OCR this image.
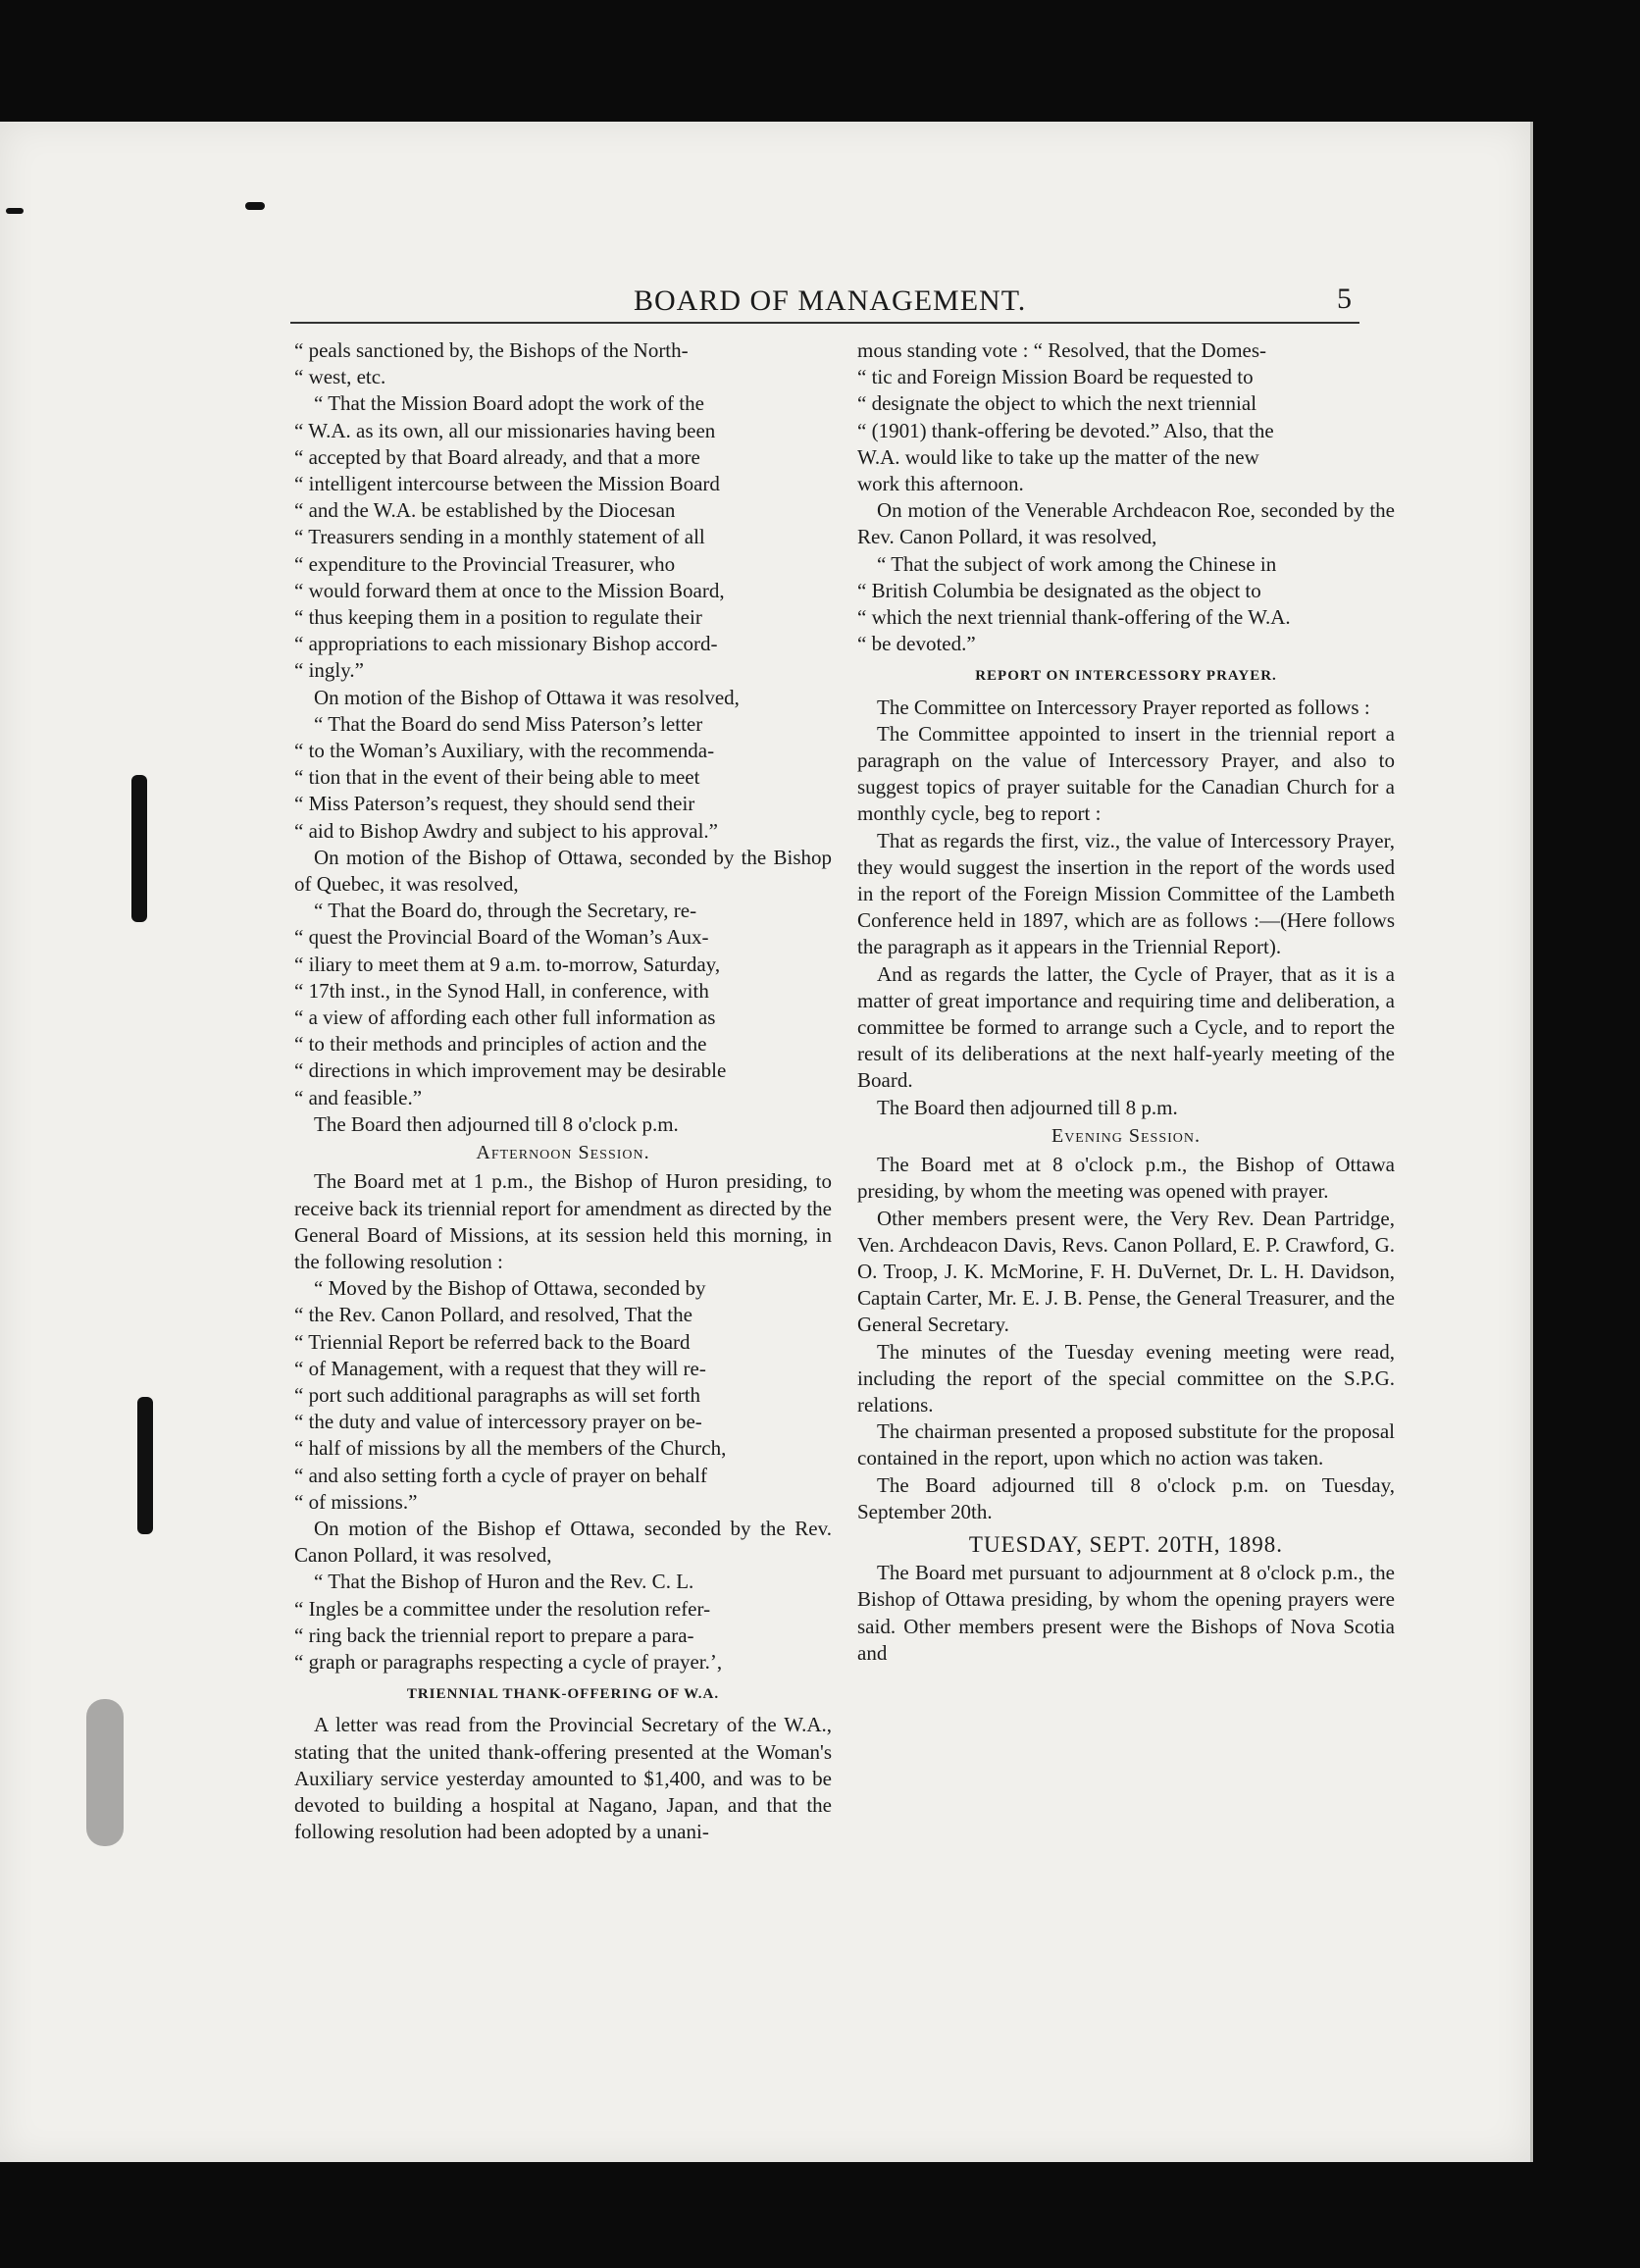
BOARD OF MANAGEMENT.	5

“ peals sanctioned by, the Bishops of the North-
“ west, etc.

“ That the Mission Board adopt the work of the
“ W.A. as its own, all our missionaries having been
“ accepted by that Board already, and that a more
“ intelligent intercourse between the Mission Board
“ and the W.A. be established by the Diocesan
“ Treasurers sending in a monthly statement of all
“ expenditure to the Provincial Treasurer, who
“ would forward them at once to the Mission Board,
“ thus keeping them in a position to regulate their
“ appropriations to each missionary Bishop accord-
“ ingly.”

On motion of the Bishop of Ottawa it was resolved,

“ That the Board do send Miss Paterson’s letter
“ to the Woman’s Auxiliary, with the recommenda-
“ tion that in the event of their being able to meet
“ Miss Paterson’s request, they should send their
“ aid to Bishop Awdry and subject to his approval.”

On motion of the Bishop of Ottawa, seconded by the Bishop of Quebec, it was resolved,

“ That the Board do, through the Secretary, re-
“ quest the Provincial Board of the Woman’s Aux-
“ iliary to meet them at 9 a.m. to-morrow, Saturday,
“ 17th inst., in the Synod Hall, in conference, with
“ a view of affording each other full information as
“ to their methods and principles of action and the
“ directions in which improvement may be desirable
“ and feasible.”

The Board then adjourned till 8 o'clock p.m.

Afternoon Session.

The Board met at 1 p.m., the Bishop of Huron presiding, to receive back its triennial report for amendment as directed by the General Board of Missions, at its session held this morning, in the following resolution :

“ Moved by the Bishop of Ottawa, seconded by
“ the Rev. Canon Pollard, and resolved, That the
“ Triennial Report be referred back to the Board
“ of Management, with a request that they will re-
“ port such additional paragraphs as will set forth
“ the duty and value of intercessory prayer on be-
“ half of missions by all the members of the Church,
“ and also setting forth a cycle of prayer on behalf
“ of missions.”

On motion of the Bishop ef Ottawa, seconded by the Rev. Canon Pollard, it was resolved,

“ That the Bishop of Huron and the Rev. C. L.
“ Ingles be a committee under the resolution refer-
“ ring back the triennial report to prepare a para-
“ graph or paragraphs respecting a cycle of prayer.’,

TRIENNIAL THANK-OFFERING OF W.A.

A letter was read from the Provincial Secretary of the W.A., stating that the united thank-offering presented at the Woman's Auxiliary service yesterday amounted to $1,400, and was to be devoted to building a hospital at Nagano, Japan, and that the following resolution had been adopted by a unani-

mous standing vote : “ Resolved, that the Domes-
“ tic and Foreign Mission Board be requested to
“ designate the object to which the next triennial
“ (1901) thank-offering be devoted.” Also, that the
W.A. would like to take up the matter of the new
work this afternoon.

On motion of the Venerable Archdeacon Roe, seconded by the Rev. Canon Pollard, it was resolved,

“ That the subject of work among the Chinese in
“ British Columbia be designated as the object to
“ which the next triennial thank-offering of the W.A.
“ be devoted.”

REPORT ON INTERCESSORY PRAYER.

The Committee on Intercessory Prayer reported as follows :

The Committee appointed to insert in the triennial report a paragraph on the value of Intercessory Prayer, and also to suggest topics of prayer suitable for the Canadian Church for a monthly cycle, beg to report :

That as regards the first, viz., the value of Intercessory Prayer, they would suggest the insertion in the report of the words used in the report of the Foreign Mission Committee of the Lambeth Conference held in 1897, which are as follows :—(Here follows the paragraph as it appears in the Triennial Report).

And as regards the latter, the Cycle of Prayer, that as it is a matter of great importance and requiring time and deliberation, a committee be formed to arrange such a Cycle, and to report the result of its deliberations at the next half-yearly meeting of the Board.

The Board then adjourned till 8 p.m.

Evening Session.

The Board met at 8 o'clock p.m., the Bishop of Ottawa presiding, by whom the meeting was opened with prayer.

Other members present were, the Very Rev. Dean Partridge, Ven. Archdeacon Davis, Revs. Canon Pollard, E. P. Crawford, G. O. Troop, J. K. McMorine, F. H. DuVernet, Dr. L. H. Davidson, Captain Carter, Mr. E. J. B. Pense, the General Treasurer, and the General Secretary.

The minutes of the Tuesday evening meeting were read, including the report of the special committee on the S.P.G. relations.

The chairman presented a proposed substitute for the proposal contained in the report, upon which no action was taken.

The Board adjourned till 8 o'clock p.m. on Tuesday, September 20th.

TUESDAY, SEPT. 20TH, 1898.

The Board met pursuant to adjournment at 8 o'clock p.m., the Bishop of Ottawa presiding, by whom the opening prayers were said. Other members present were the Bishops of Nova Scotia and
